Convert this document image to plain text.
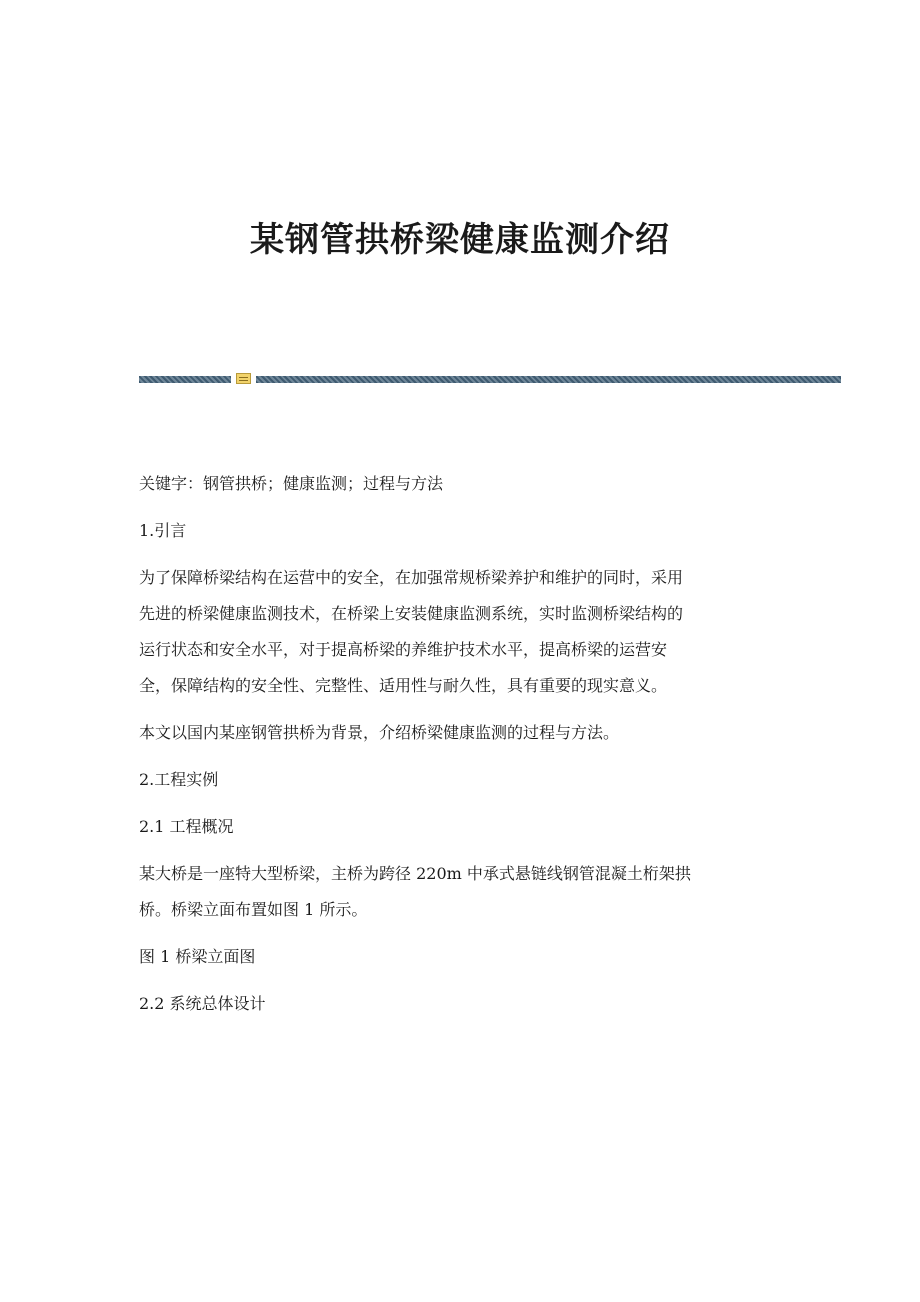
某钢管拱桥梁健康监测介绍

关键字：钢管拱桥；健康监测；过程与方法

1.引言

为了保障桥梁结构在运营中的安全，在加强常规桥梁养护和维护的同时，采用
先进的桥梁健康监测技术，在桥梁上安装健康监测系统，实时监测桥梁结构的
运行状态和安全水平，对于提高桥梁的养维护技术水平，提高桥梁的运营安
全，保障结构的安全性、完整性、适用性与耐久性，具有重要的现实意义。

本文以国内某座钢管拱桥为背景，介绍桥梁健康监测的过程与方法。

2.工程实例

2.1 工程概况

某大桥是一座特大型桥梁，主桥为跨径 220m 中承式悬链线钢管混凝土桁架拱
桥。桥梁立面布置如图 1 所示。

图 1 桥梁立面图

2.2 系统总体设计
